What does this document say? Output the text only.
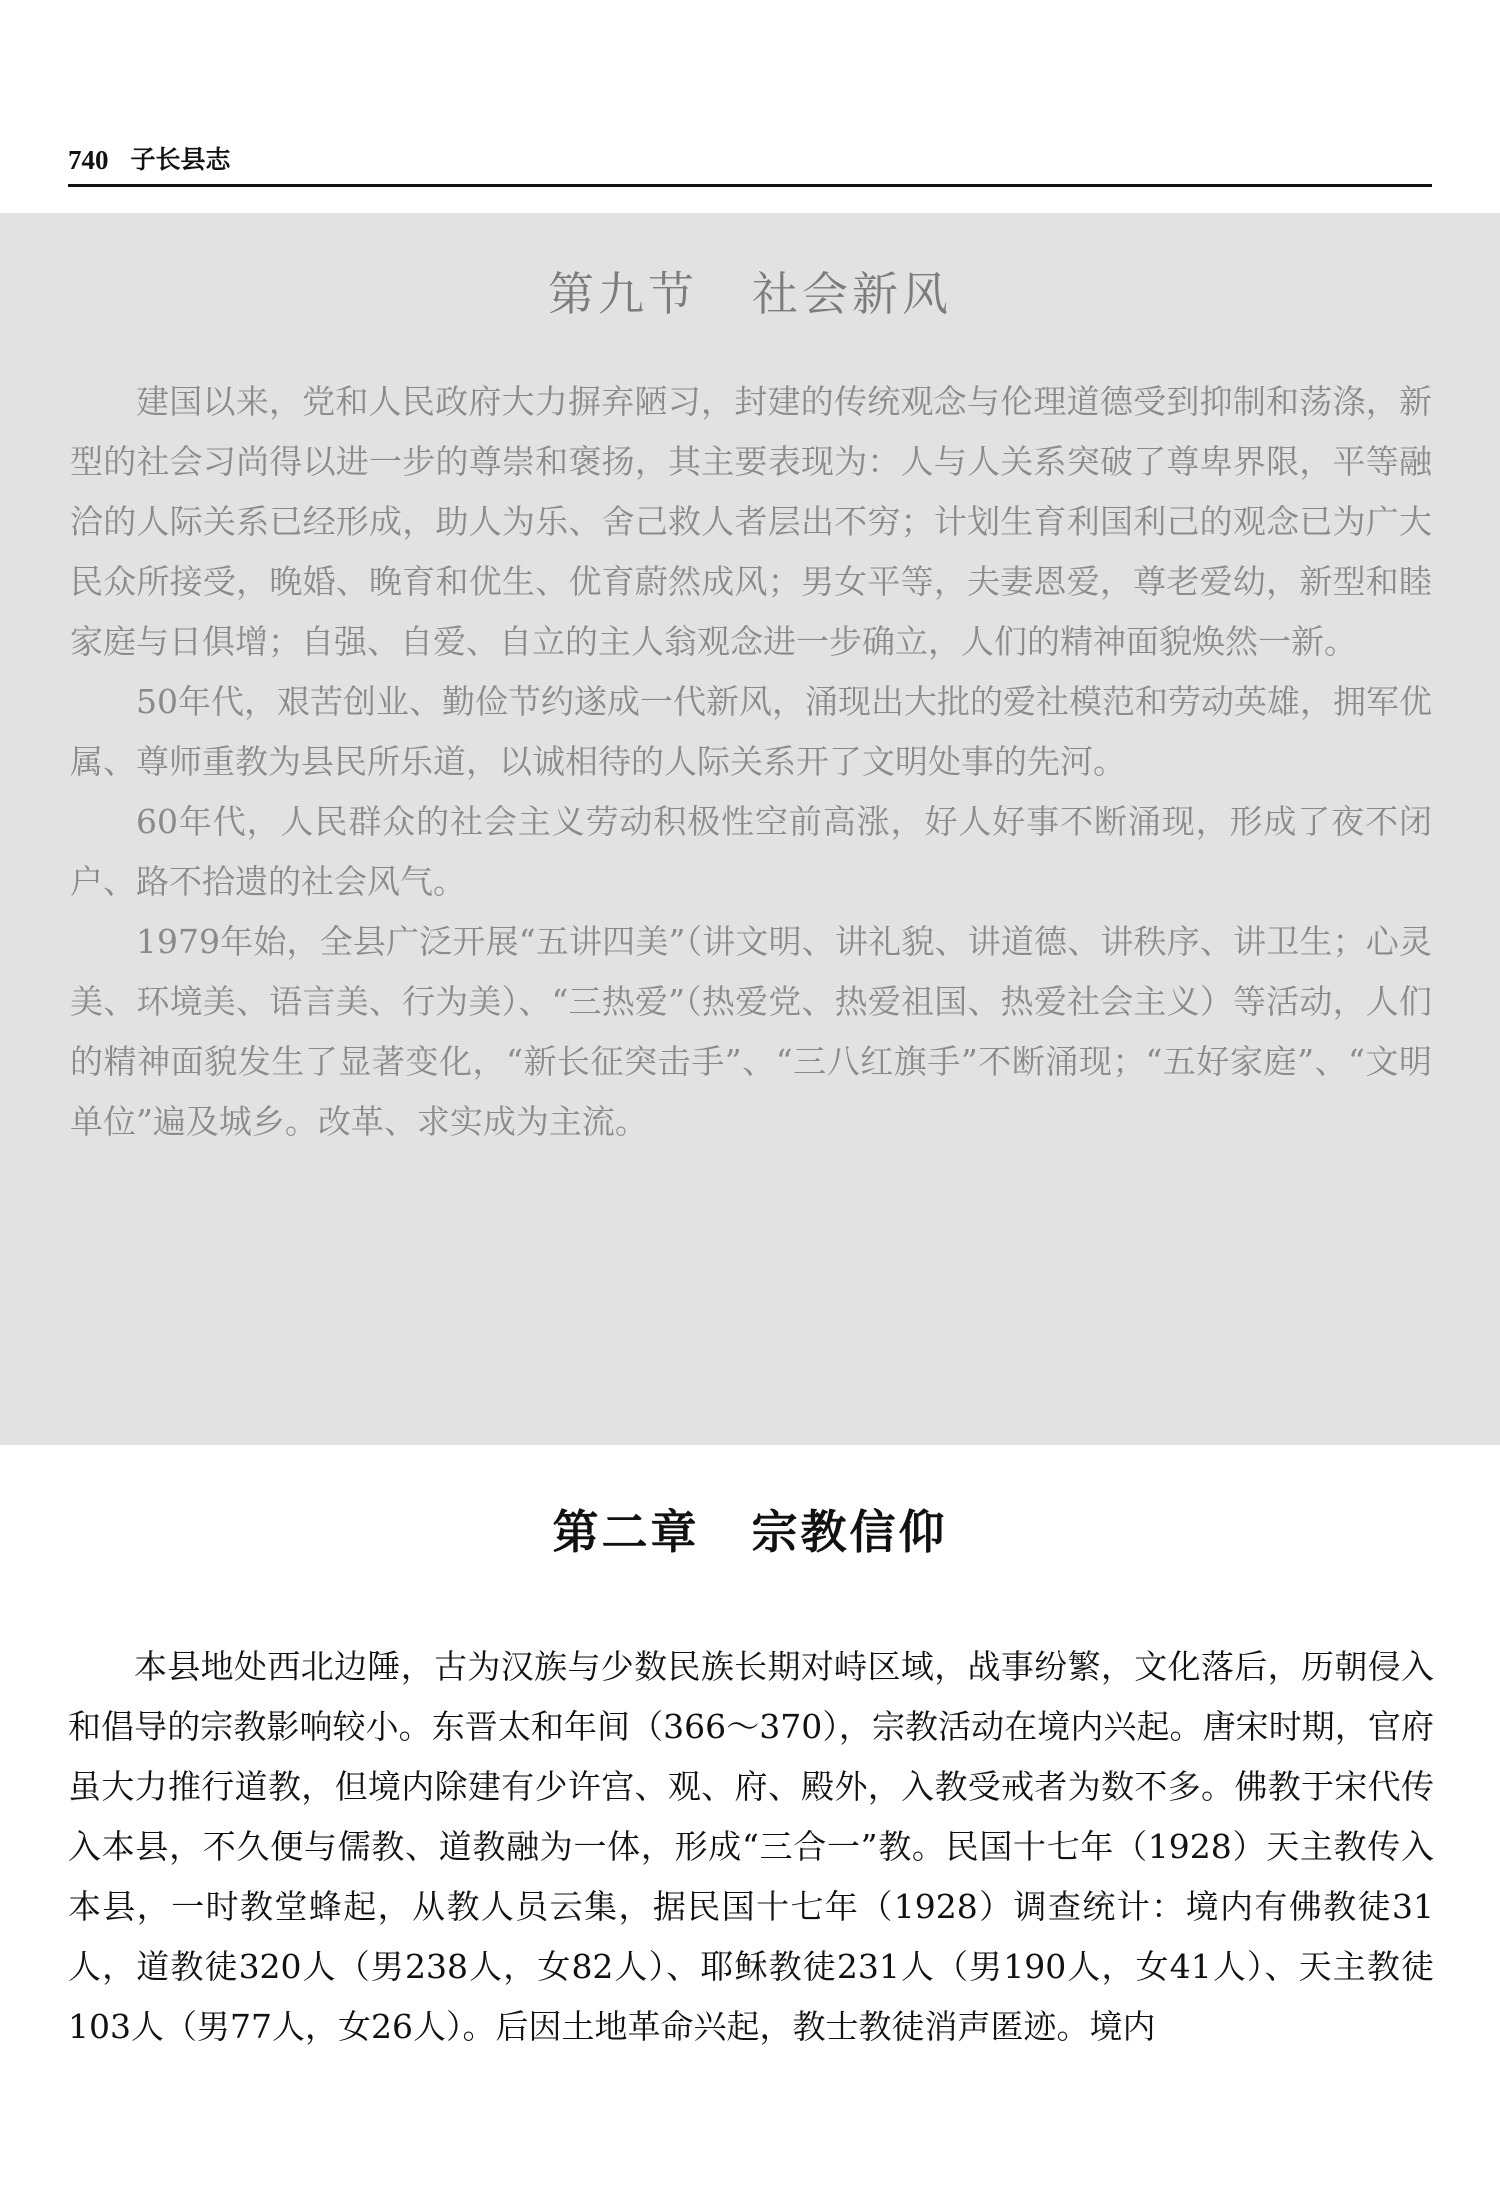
740 子长县志
第九节 社会新风

建国以来，党和人民政府大力摒弃陋习，封建的传统观念与伦理道德受到抑制和荡涤，新型的社会习尚得以进一步的尊崇和褒扬，其主要表现为：人与人关系突破了尊卑界限，平等融洽的人际关系已经形成，助人为乐、舍己救人者层出不穷；计划生育利国利己的观念已为广大民众所接受，晚婚、晚育和优生、优育蔚然成风；男女平等，夫妻恩爱，尊老爱幼，新型和睦家庭与日俱增；自强、自爱、自立的主人翁观念进一步确立，人们的精神面貌焕然一新。

50年代，艰苦创业、勤俭节约遂成一代新风，涌现出大批的爱社模范和劳动英雄，拥军优属、尊师重教为县民所乐道，以诚相待的人际关系开了文明处事的先河。

60年代，人民群众的社会主义劳动积极性空前高涨，好人好事不断涌现，形成了夜不闭户、路不拾遗的社会风气。

1979年始，全县广泛开展“五讲四美”（讲文明、讲礼貌、讲道德、讲秩序、讲卫生；心灵美、环境美、语言美、行为美）、“三热爱”（热爱党、热爱祖国、热爱社会主义）等活动，人们的精神面貌发生了显著变化，“新长征突击手”、“三八红旗手”不断涌现；“五好家庭”、“文明单位”遍及城乡。改革、求实成为主流。

第二章 宗教信仰

本县地处西北边陲，古为汉族与少数民族长期对峙区域，战事纷繁，文化落后，历朝侵入和倡导的宗教影响较小。东晋太和年间（366～370），宗教活动在境内兴起。唐宋时期，官府虽大力推行道教，但境内除建有少许宫、观、府、殿外，入教受戒者为数不多。佛教于宋代传入本县，不久便与儒教、道教融为一体，形成“三合一”教。民国十七年（1928）天主教传入本县，一时教堂蜂起，从教人员云集，据民国十七年（1928）调查统计：境内有佛教徒31人，道教徒320人（男238人，女82人）、耶稣教徒231人（男190人，女41人）、天主教徒103人（男77人，女26人）。后因土地革命兴起，教士教徒消声匿迹。境内
